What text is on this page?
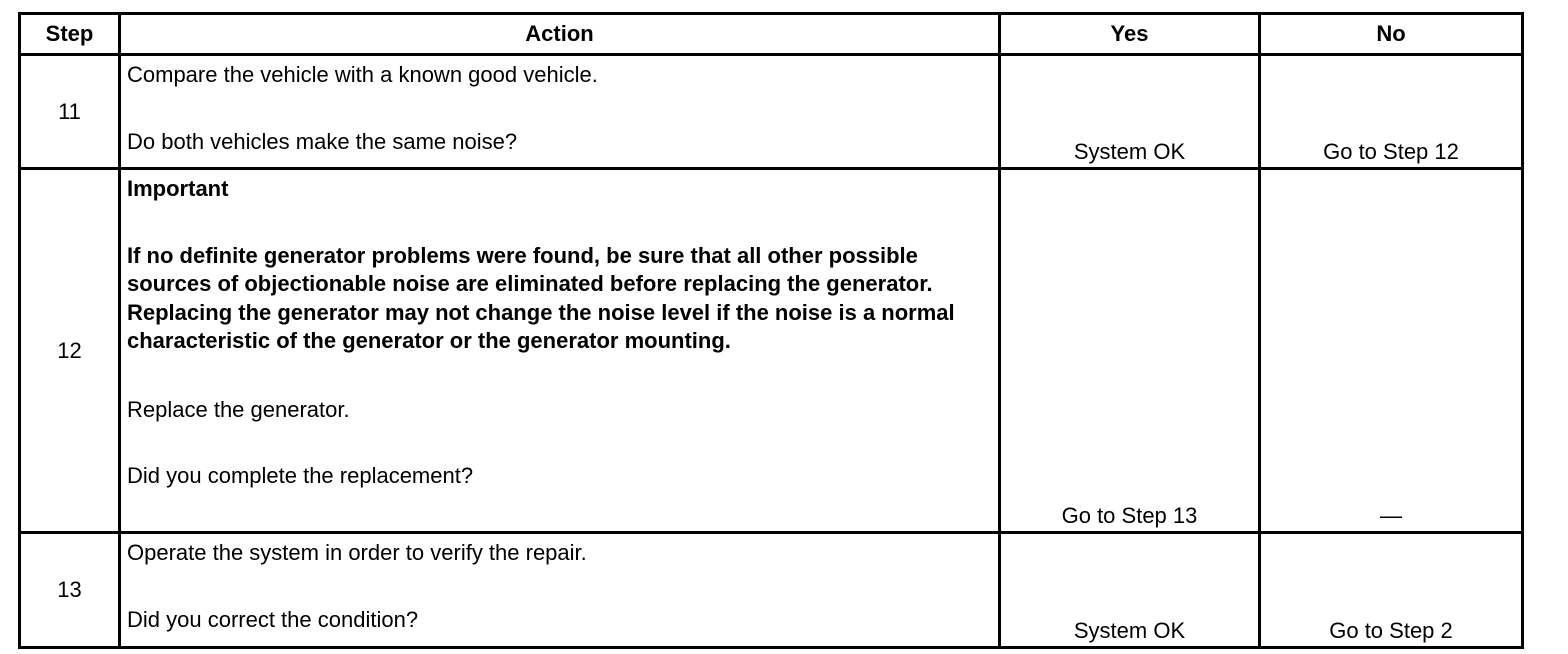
Step	Action	Yes	No
11	Compare the vehicle with a known good vehicle.

Do both vehicles make the same noise?	System OK	Go to Step 12
12	Important

If no definite generator problems were found, be sure that all other possible sources of objectionable noise are eliminated before replacing the generator. Replacing the generator may not change the noise level if the noise is a normal characteristic of the generator or the generator mounting.

Replace the generator.

Did you complete the replacement?	Go to Step 13	—
13	Operate the system in order to verify the repair.

Did you correct the condition?	System OK	Go to Step 2
